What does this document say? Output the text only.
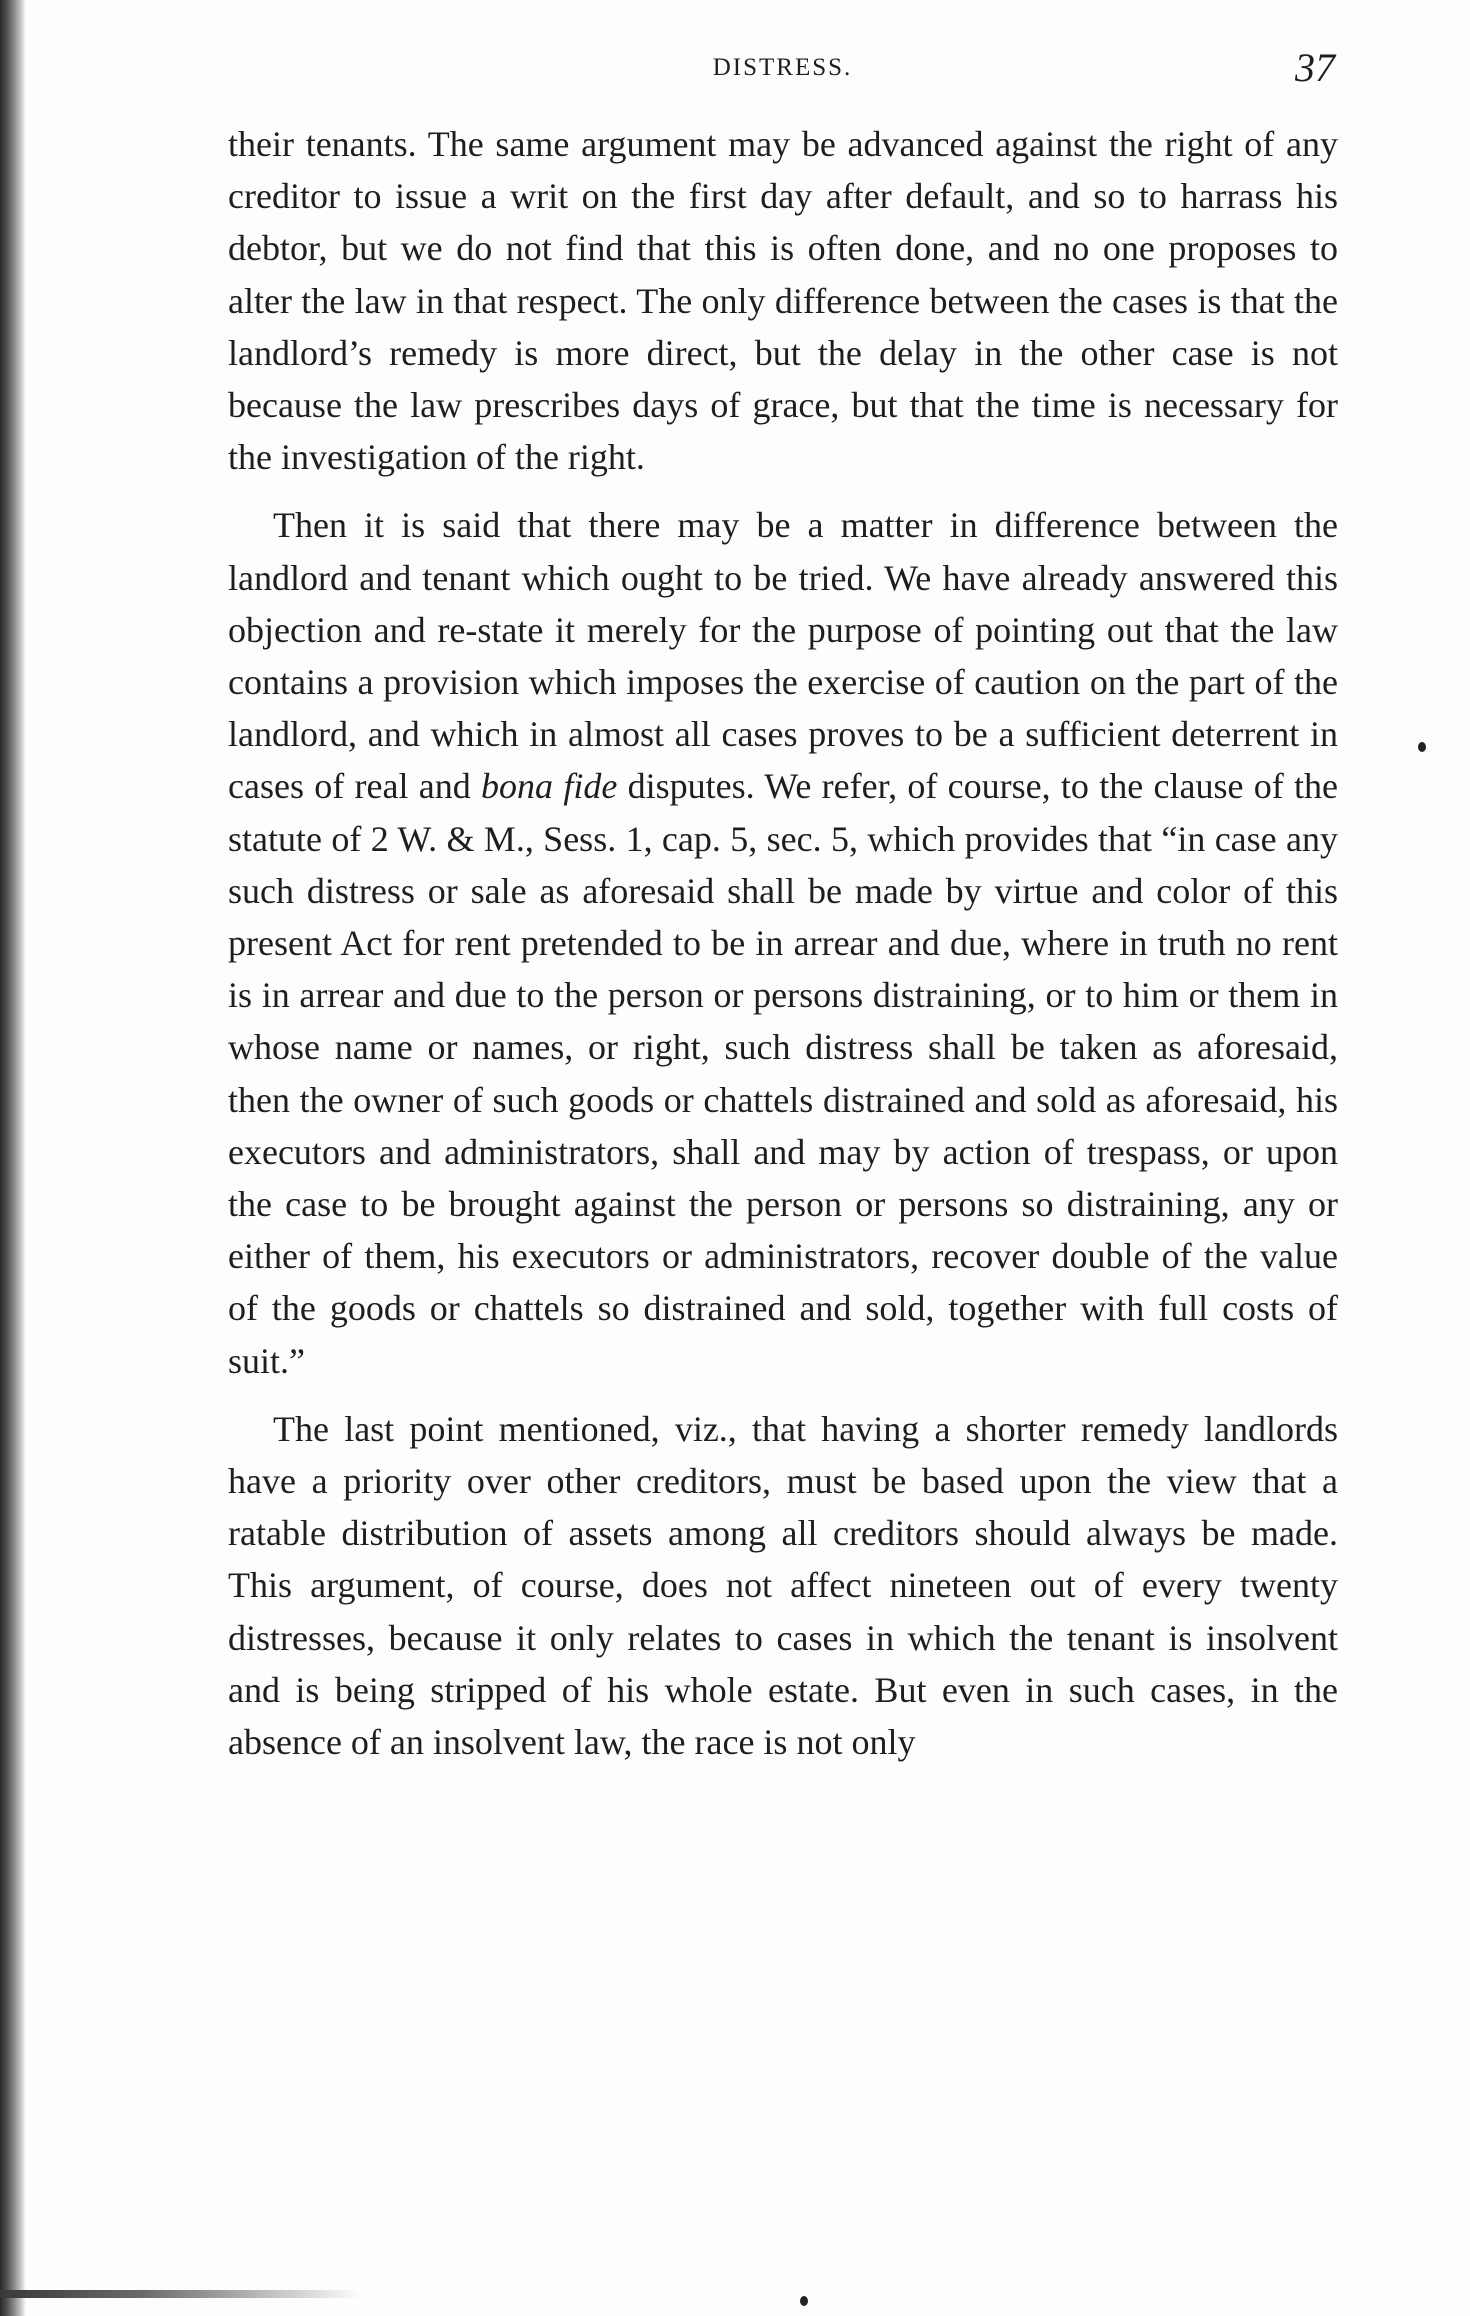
DISTRESS.	37

their tenants. The same argument may be advanced against the right of any creditor to issue a writ on the first day after default, and so to harrass his debtor, but we do not find that this is often done, and no one proposes to alter the law in that respect. The only difference between the cases is that the landlord’s remedy is more direct, but the delay in the other case is not because the law prescribes days of grace, but that the time is necessary for the investigation of the right.

Then it is said that there may be a matter in difference between the landlord and tenant which ought to be tried. We have already answered this objection and re-state it merely for the purpose of pointing out that the law contains a provision which imposes the exercise of caution on the part of the landlord, and which in almost all cases proves to be a sufficient deterrent in cases of real and bona fide disputes. We refer, of course, to the clause of the statute of 2 W. & M., Sess. 1, cap. 5, sec. 5, which provides that “in case any such distress or sale as aforesaid shall be made by virtue and color of this present Act for rent pretended to be in arrear and due, where in truth no rent is in arrear and due to the person or persons distraining, or to him or them in whose name or names, or right, such distress shall be taken as aforesaid, then the owner of such goods or chattels distrained and sold as aforesaid, his executors and administrators, shall and may by action of trespass, or upon the case to be brought against the person or persons so distraining, any or either of them, his executors or administrators, recover double of the value of the goods or chattels so distrained and sold, together with full costs of suit.”

The last point mentioned, viz., that having a shorter remedy landlords have a priority over other creditors, must be based upon the view that a ratable distribution of assets among all creditors should always be made. This argument, of course, does not affect nineteen out of every twenty distresses, because it only relates to cases in which the tenant is insolvent and is being stripped of his whole estate. But even in such cases, in the absence of an insolvent law, the race is not only
